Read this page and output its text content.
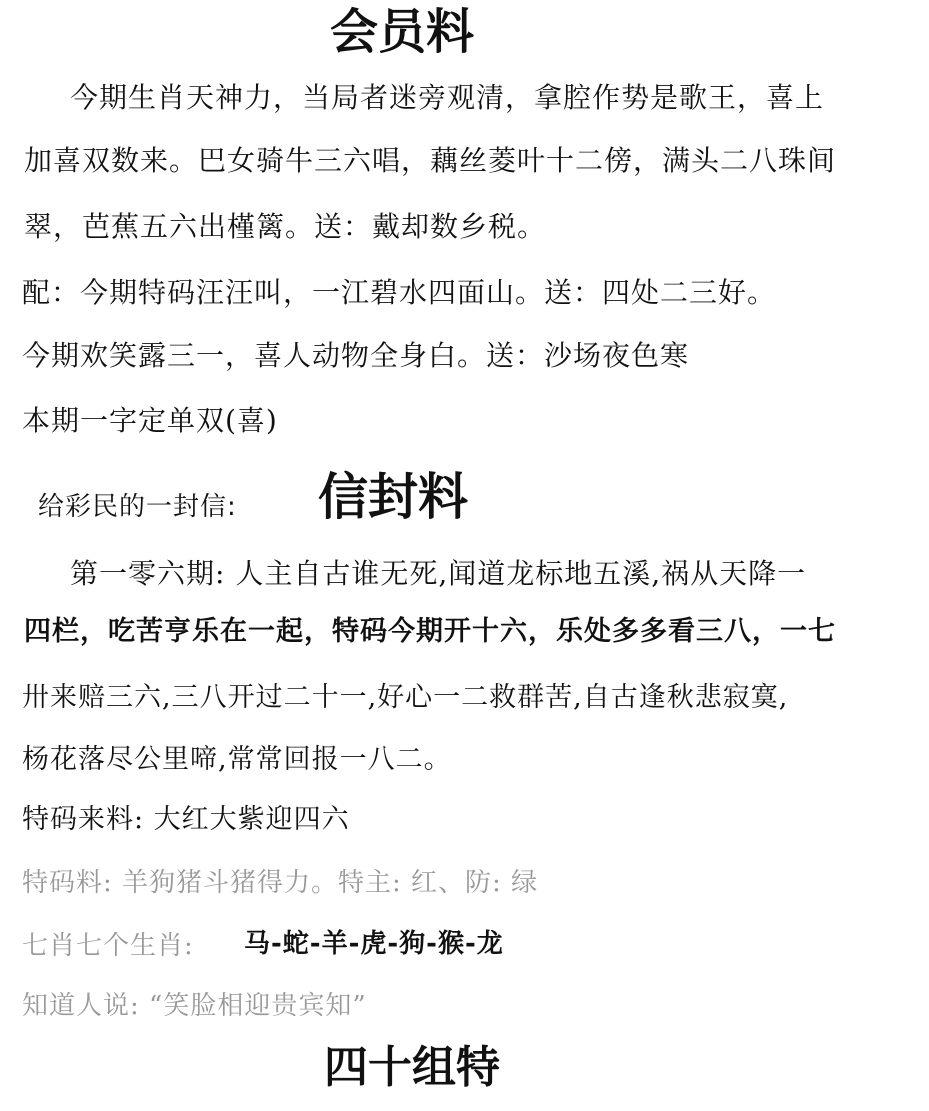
会员料
今期生肖天神力，当局者迷旁观清，拿腔作势是歌王，喜上
加喜双数来。巴女骑牛三六唱，藕丝菱叶十二傍，满头二八珠间
翠，芭蕉五六出槿篱。送：戴却数乡税。
配：今期特码汪汪叫，一江碧水四面山。送：四处二三好。
今期欢笑露三一，喜人动物全身白。送：沙场夜色寒
本期一字定单双(喜)
给彩民的一封信: 信封料
第一零六期: 人主自古谁无死,闻道龙标地五溪,祸从天降一
四栏，吃苦亨乐在一起，特码今期开十六，乐处多多看三八，一七
卅来赔三六,三八开过二十一,好心一二救群苦,自古逢秋悲寂寞,
杨花落尽公里啼,常常回报一八二。
特码来料: 大红大紫迎四六
特码料: 羊狗猪斗猪得力。特主: 红、防: 绿
七肖七个生肖: 马-蛇-羊-虎-狗-猴-龙
知道人说: “笑脸相迎贵宾知”
四十组特
